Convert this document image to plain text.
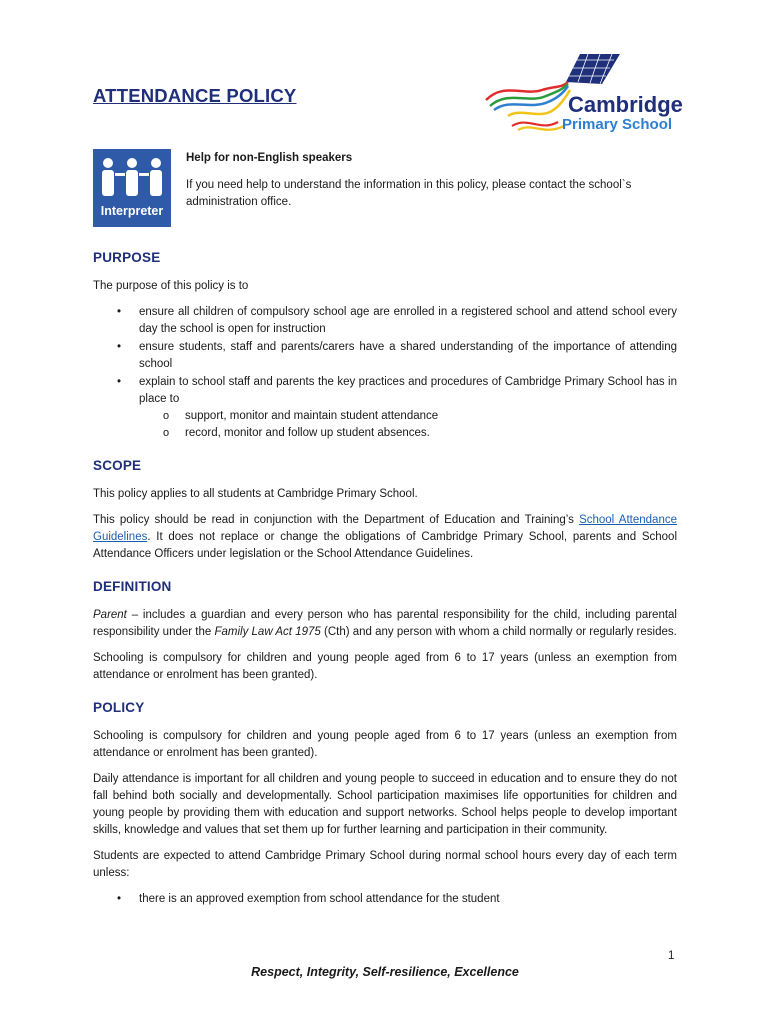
ATTENDANCE POLICY	Cambridge
Primary School
Interpreter

Help for non-English speakers

If you need help to understand the information in this policy, please contact the school`s administration office.

PURPOSE

The purpose of this policy is to

• ensure all children of compulsory school age are enrolled in a registered school and attend school every day the school is open for instruction
• ensure students, staff and parents/carers have a shared understanding of the importance of attending school
• explain to school staff and parents the key practices and procedures of Cambridge Primary School has in place to
o support, monitor and maintain student attendance
o record, monitor and follow up student absences.
SCOPE

This policy applies to all students at Cambridge Primary School.

This policy should be read in conjunction with the Department of Education and Training’s School Attendance Guidelines. It does not replace or change the obligations of Cambridge Primary School, parents and School Attendance Officers under legislation or the School Attendance Guidelines.

DEFINITION

Parent – includes a guardian and every person who has parental responsibility for the child, including parental responsibility under the Family Law Act 1975 (Cth) and any person with whom a child normally or regularly resides.

Schooling is compulsory for children and young people aged from 6 to 17 years (unless an exemption from attendance or enrolment has been granted).

POLICY

Schooling is compulsory for children and young people aged from 6 to 17 years (unless an exemption from attendance or enrolment has been granted).

Daily attendance is important for all children and young people to succeed in education and to ensure they do not fall behind both socially and developmentally. School participation maximises life opportunities for children and young people by providing them with education and support networks. School helps people to develop important skills, knowledge and values that set them up for further learning and participation in their community.

Students are expected to attend Cambridge Primary School during normal school hours every day of each term unless:

• there is an approved exemption from school attendance for the student
1
Respect, Integrity, Self-resilience, Excellence
